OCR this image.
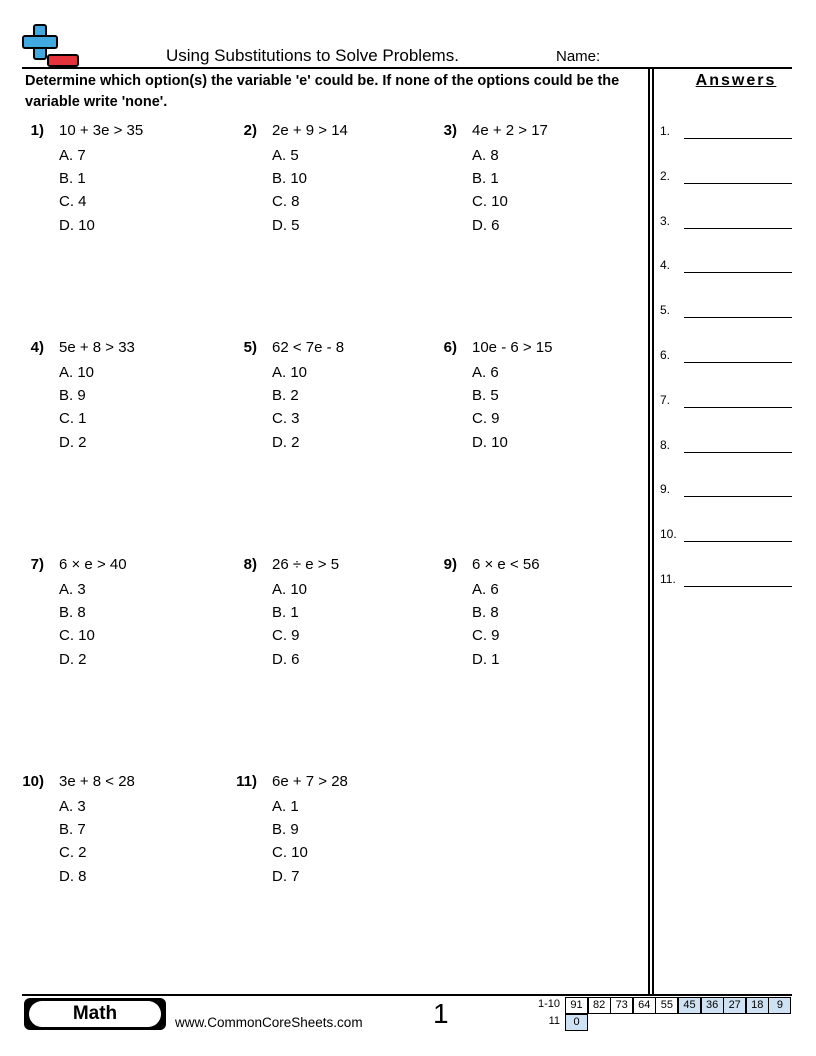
Using Substitutions to Solve Problems.	Name:
Determine which option(s) the variable 'e' could be. If none of the options could be the variable write 'none'.
Answers
1.
2.
3.
4.
5.
6.
7.
8.
9.
10.
11.
1) 10 + 3e > 35
A. 7
B. 1
C. 4
D. 10
2) 2e + 9 > 14
A. 5
B. 10
C. 8
D. 5
3) 4e + 2 > 17
A. 8
B. 1
C. 10
D. 6
4) 5e + 8 > 33
A. 10
B. 9
C. 1
D. 2
5) 62 < 7e - 8
A. 10
B. 2
C. 3
D. 2
6) 10e - 6 > 15
A. 6
B. 5
C. 9
D. 10
7) 6 × e > 40
A. 3
B. 8
C. 10
D. 2
8) 26 ÷ e > 5
A. 10
B. 1
C. 9
D. 6
9) 6 × e < 56
A. 6
B. 8
C. 9
D. 1
10) 3e + 8 < 28
A. 3
B. 7
C. 2
D. 8
11) 6e + 7 > 28
A. 1
B. 9
C. 10
D. 7
Math	www.CommonCoreSheets.com	1	1-10 91 82 73 64 55 45 36 27 18	9
11	0
